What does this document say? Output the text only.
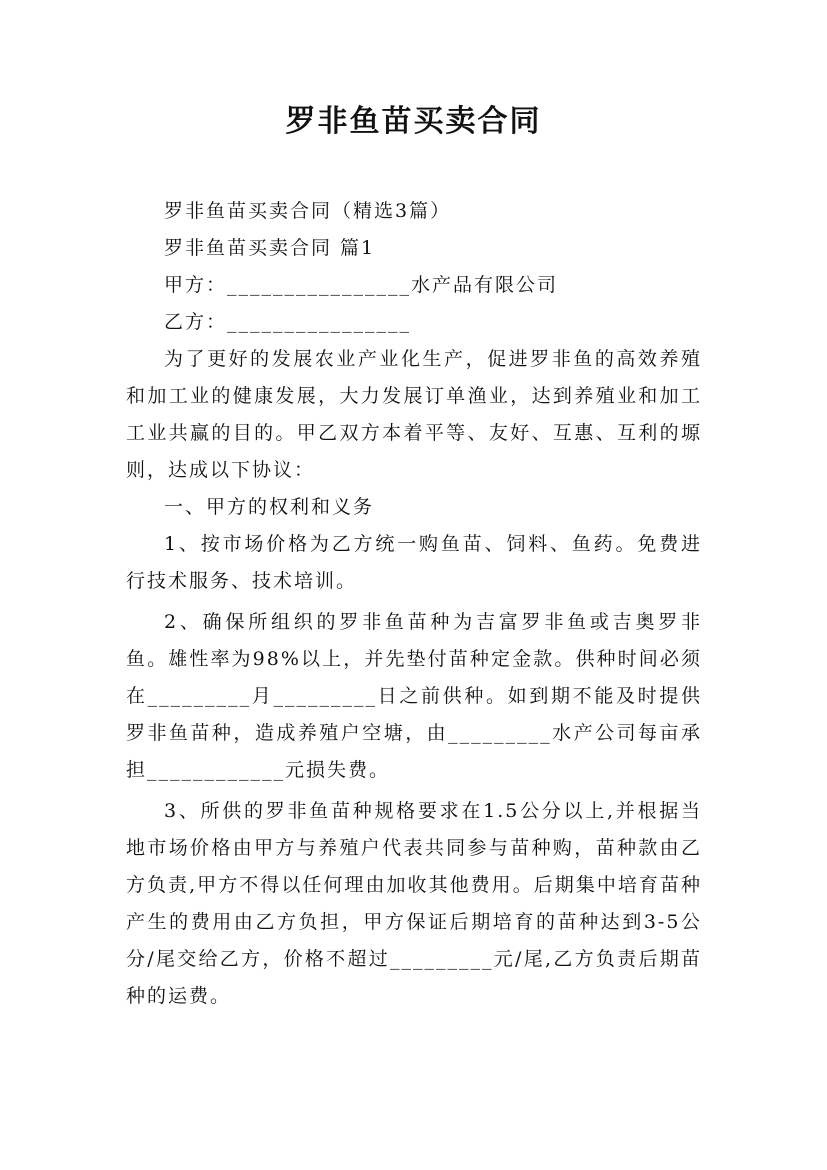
罗非鱼苗买卖合同

罗非鱼苗买卖合同（精选3篇）

罗非鱼苗买卖合同 篇1

甲方：________________水产品有限公司

乙方：________________

为了更好的发展农业产业化生产，促进罗非鱼的高效养殖和加工业的健康发展，大力发展订单渔业，达到养殖业和加工工业共赢的目的。甲乙双方本着平等、友好、互惠、互利的塬则，达成以下协议：

一、甲方的权利和义务

1、按市场价格为乙方统一购鱼苗、饲料、鱼药。免费进行技术服务、技术培训。

2、确保所组织的罗非鱼苗种为吉富罗非鱼或吉奥罗非鱼。雄性率为98%以上，并先垫付苗种定金款。供种时间必须在_________月_________日之前供种。如到期不能及时提供罗非鱼苗种，造成养殖户空塘，由_________水产公司每亩承担____________元损失费。

3、所供的罗非鱼苗种规格要求在1.5公分以上,并根据当地市场价格由甲方与养殖户代表共同参与苗种购，苗种款由乙方负责,甲方不得以任何理由加收其他费用。后期集中培育苗种产生的费用由乙方负担，甲方保证后期培育的苗种达到3-5公分/尾交给乙方，价格不超过_________元/尾,乙方负责后期苗种的运费。
